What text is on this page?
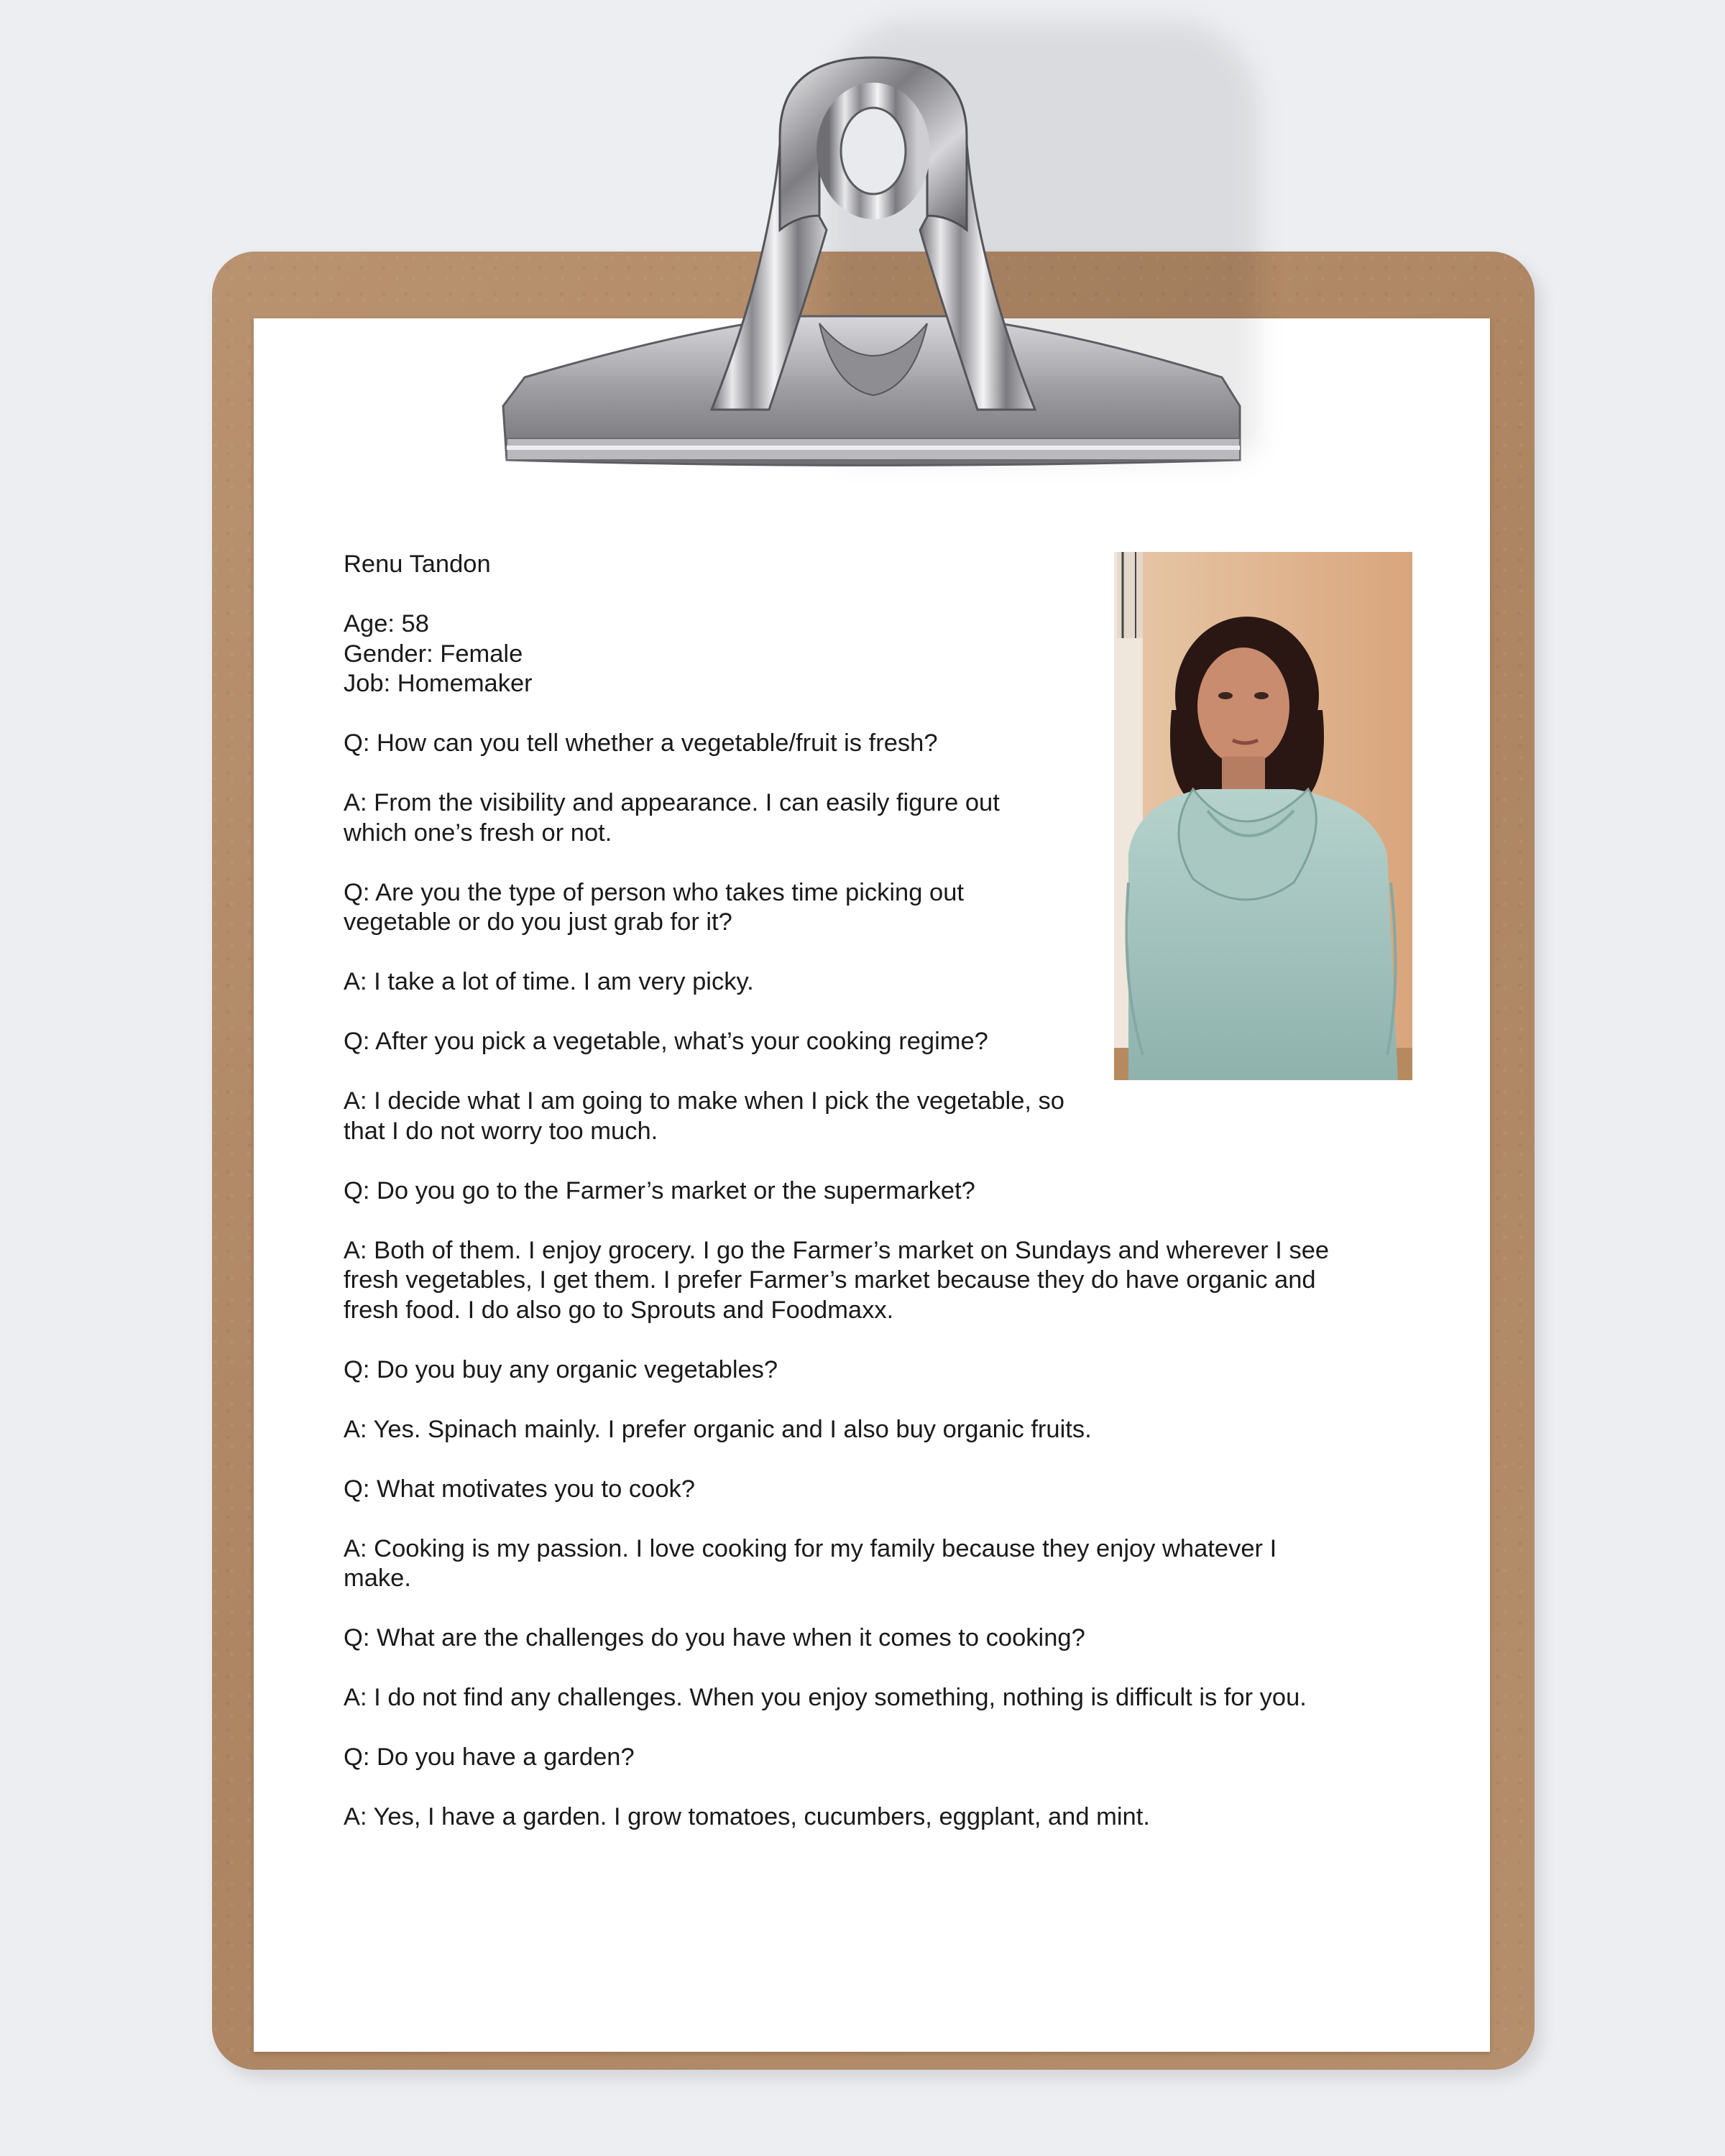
Renu Tandon

Age: 58

Gender: Female

Job: Homemaker

Q: How can you tell whether a vegetable/fruit is fresh?

A: From the visibility and appearance. I can easily figure out which one’s fresh or not.

Q: Are you the type of person who takes time picking out vegetable or do you just grab for it?

A: I take a lot of time. I am very picky.

Q: After you pick a vegetable, what’s your cooking regime?

A: I decide what I am going to make when I pick the vegetable, so that I do not worry too much.

Q: Do you go to the Farmer’s market or the supermarket?

A: Both of them. I enjoy grocery. I go the Farmer’s market on Sundays and wherever I see fresh vegetables, I get them. I prefer Farmer’s market because they do have organic and fresh food. I do also go to Sprouts and Foodmaxx.

Q: Do you buy any organic vegetables?

A: Yes. Spinach mainly. I prefer organic and I also buy organic fruits.

Q: What motivates you to cook?

A: Cooking is my passion. I love cooking for my family because they enjoy whatever I make.

Q: What are the challenges do you have when it comes to cooking?

A: I do not find any challenges. When you enjoy something, nothing is difficult is for you.

Q: Do you have a garden?

A: Yes, I have a garden. I grow tomatoes, cucumbers, eggplant, and mint.
